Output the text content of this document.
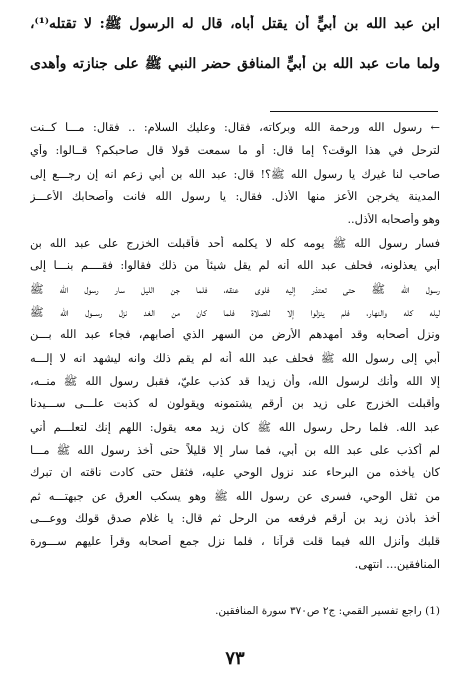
ابن عبد الله بن أبيٍّ أن يقتل أباه، قال له الرسول ﷺ: لا تقتله⁽¹⁾،
ولما مات عبد الله بن أبيٍّ المنافق حضر النبي ﷺ على جنازته وأهدى
← رسول الله ورحمة الله وبركاته، فقال: وعليك السلام: .. فقال: مـــا كــنت
لترحل في هذا الوقت؟ إما قال: أو ما سمعت قولا قال صاحبكم؟ قــالوا: وأي
صاحب لنا غيرك يا رسول الله ﷺ؟! قال: عبد الله بن أبي زعم انه إن رجـــع إلى
المدينة يخرجن الأعز منها الأذل. فقال: يا رسول الله فانت وأصحابك الأعـــز
وهو وأصحابه الأذل..
فسار رسول الله ﷺ يومه كله لا يكلمه أحد فأقبلت الخزرج على عبد الله بن
أبي يعذلونه، فحلف عبد الله أنه لم يقل شيئاً من ذلك فقالوا: فقــــم بنـــا إلى
رسول الله ﷺ حتى تعتذر إليه فلوى عنقه، فلما جن الليل سار رسول الله ﷺ
ليله كله والنهار، فلم ينزلوا إلا للصلاة فلما كان من الغد نزل رســول الله ﷺ
ونزل أصحابه وقد أمهدهم الأرض من السهر الذي أصابهم، فجاء عبد الله بـــن
أبي إلى رسول الله ﷺ فحلف عبد الله أنه لم يقم ذلك وانه ليشهد انه لا إلـــه
إلا الله وأنك لرسول الله، وأن زيدا قد كذب عليّ، فقبل رسول الله ﷺ منــه،
وأقبلت الخزرج على زيد بن أرقم يشتمونه ويقولون له كذبت علـــى ســـيدنا
عبد الله. فلما رحل رسول الله ﷺ كان زيد معه يقول: اللهم إنك لتعلـــم أني
لم أكذب على عبد الله بن أبي، فما سار إلا قليلاً حتى أخذ رسول الله ﷺ مـــا
كان يأخذه من البرحاء عند نزول الوحي عليه، فثقل حتى كادت ناقته ان تبرك
من ثقل الوحي، فسرى عن رسول الله ﷺ وهو يسكب العرق عن جبهتـــه ثم
أخذ بأذن زيد بن أرقم فرفعه من الرحل ثم قال: يا غلام صدق قولك ووعـــى
قلبك وأنزل الله فيما قلت قرآنا ، فلما نزل جمع أصحابه وقرأ عليهم ســـورة
المنافقين... انتهى.
(1) راجع تفسير القمي: ج٢ ص٣٧٠ سورة المنافقين.
٧٣
